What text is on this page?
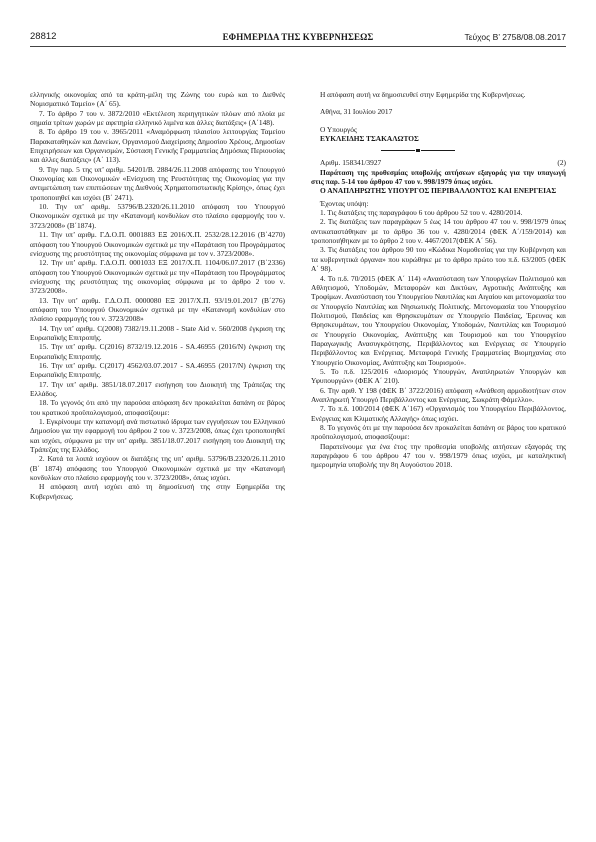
28812	ΕΦΗΜΕΡΙΔΑ ΤΗΣ ΚΥΒΕΡΝΗΣΕΩΣ	Τεύχος Β’ 2758/08.08.2017

ελληνικής οικονομίας από τα κράτη-μέλη της Ζώνης του ευρώ και το Διεθνές Νομισματικό Ταμείο» (Α΄ 65).

7. Το άρθρο 7 του ν. 3872/2010 «Εκτέλεση περιηγητικών πλόων από πλοία με σημαία τρίτων χωρών με αφετηρία ελληνικό λιμένα και άλλες διατάξεις» (Α΄148).

8. Το άρθρο 19 του ν. 3965/2011 «Αναμόρφωση πλαισίου λειτουργίας Ταμείου Παρακαταθηκών και Δανείων, Οργανισμού Διαχείρισης Δημοσίου Χρέους, Δημοσίων Επιχειρήσεων και Οργανισμών, Σύσταση Γενικής Γραμματείας Δημόσιας Περιουσίας και άλλες διατάξεις» (Α΄ 113).

9. Την παρ. 5 της υπ’ αριθμ. 54201/Β. 2884/26.11.2008 απόφασης του Υπουργού Οικονομίας και Οικονομικών «Ενίσχυση της Ρευστότητας της Οικονομίας για την αντιμετώπιση των επιπτώσεων της Διεθνούς Χρηματοπιστωτικής Κρίσης», όπως έχει τροποποιηθεί και ισχύει (Β΄ 2471).

10. Την υπ’ αριθμ. 53796/Β.2320/26.11.2010 απόφαση του Υπουργού Οικονομικών σχετικά με την «Κατανομή κονδυλίων στο πλαίσιο εφαρμογής του ν. 3723/2008» (Β΄1874).

11. Την υπ’ αριθμ. Γ.Δ.Ο.Π. 0001883 ΕΞ 2016/Χ.Π. 2532/28.12.2016 (Β΄4270) απόφαση του Υπουργού Οικονομικών σχετικά με την «Παράταση του Προγράμματος ενίσχυσης της ρευστότητας της οικονομίας σύμφωνα με τον ν. 3723/2008».

12. Την υπ’ αριθμ. Γ.Δ.Ο.Π. 0001033 ΕΞ 2017/Χ.Π. 1104/06.07.2017 (Β΄2336) απόφαση του Υπουργού Οικονομικών σχετικά με την «Παράταση του Προγράμματος ενίσχυσης της ρευστότητας της οικονομίας σύμφωνα με το άρθρο 2 του ν. 3723/2008».

13. Την υπ’ αριθμ. Γ.Δ.Ο.Π. 0000080 ΕΞ 2017/Χ.Π. 93/19.01.2017 (Β΄276) απόφαση του Υπουργού Οικονομικών σχετικά με την «Κατανομή κονδυλίων στο πλαίσιο εφαρμογής του ν. 3723/2008»

14. Την υπ’ αριθμ. C(2008) 7382/19.11.2008 - State Aid ν. 560/2008 έγκριση της Ευρωπαϊκής Επιτροπής.

15. Την υπ’ αριθμ. C(2016) 8732/19.12.2016 - SA.46955 (2016/Ν) έγκριση της Ευρωπαϊκής Επιτροπής.

16. Την υπ’ αριθμ. C(2017) 4562/03.07.2017 - SA.46955 (2017/Ν) έγκριση της Ευρωπαϊκής Επιτροπής.

17. Την υπ’ αριθμ. 3851/18.07.2017 εισήγηση του Διοικητή της Τράπεζας της Ελλάδος.

18. Το γεγονός ότι από την παρούσα απόφαση δεν προκαλείται δαπάνη σε βάρος του κρατικού προϋπολογισμού, αποφασίζουμε:

1. Εγκρίνουμε την κατανομή ανά πιστωτικό ίδρυμα των εγγυήσεων του Ελληνικού Δημοσίου για την εφαρμογή του άρθρου 2 του ν. 3723/2008, όπως έχει τροποποιηθεί και ισχύει, σύμφωνα με την υπ’ αριθμ. 3851/18.07.2017 εισήγηση του Διοικητή της Τράπεζας της Ελλάδος.

2. Κατά τα λοιπά ισχύουν οι διατάξεις της υπ’ αριθμ. 53796/Β.2320/26.11.2010 (Β΄ 1874) απόφασης του Υπουργού Οικονομικών σχετικά με την «Κατανομή κονδυλίων στο πλαίσιο εφαρμογής του ν. 3723/2008», όπως ισχύει.

Η απόφαση αυτή ισχύει από τη δημοσίευσή της στην Εφημερίδα της Κυβερνήσεως.

Η απόφαση αυτή να δημοσιευθεί στην Εφημερίδα της Κυβερνήσεως.

Αθήνα, 31 Ιουλίου 2017

Ο Υπουργός

ΕΥΚΛΕΙΔΗΣ ΤΣΑΚΑΛΩΤΟΣ

Αριθμ. 158341/3927	(2)

Παράταση της προθεσμίας υποβολής αιτήσεων εξαγοράς για την υπαγωγή στις παρ. 5-14 του άρθρου 47 του ν. 998/1979 όπως ισχύει.

Ο ΑΝΑΠΛΗΡΩΤΗΣ ΥΠΟΥΡΓΟΣ ΠΕΡΙΒΑΛΛΟΝΤΟΣ ΚΑΙ ΕΝΕΡΓΕΙΑΣ

Έχοντας υπόψη:

1. Τις διατάξεις της παραγράφου 6 του άρθρου 52 του ν. 4280/2014.

2. Τις διατάξεις των παραγράφων 5 έως 14 του άρθρου 47 του ν. 998/1979 όπως αντικαταστάθηκαν με το άρθρο 36 του ν. 4280/2014 (ΦΕΚ Α΄/159/2014) και τροποποιήθηκαν με το άρθρο 2 του ν. 4467/2017(ΦΕΚ Α΄ 56).

3. Τις διατάξεις του άρθρου 90 του «Κώδικα Νομοθεσίας για την Κυβέρνηση και τα κυβερνητικά όργανα» που κυρώθηκε με το άρθρο πρώτο του π.δ. 63/2005 (ΦΕΚ Α΄ 98).

4. Το π.δ. 70/2015 (ΦΕΚ Α΄ 114) «Ανασύσταση των Υπουργείων Πολιτισμού και Αθλητισμού, Υποδομών, Μεταφορών και Δικτύων, Αγροτικής Ανάπτυξης και Τροφίμων. Ανασύσταση του Υπουργείου Ναυτιλίας και Αιγαίου και μετονομασία του σε Υπουργείο Ναυτιλίας και Νησιωτικής Πολιτικής. Μετονομασία του Υπουργείου Πολιτισμού, Παιδείας και Θρησκευμάτων σε Υπουργείο Παιδείας, Έρευνας και Θρησκευμάτων, του Υπουργείου Οικονομίας, Υποδομών, Ναυτιλίας και Τουρισμού σε Υπουργείο Οικονομίας, Ανάπτυξης και Τουρισμού και του Υπουργείου Παραγωγικής Ανασυγκρότησης, Περιβάλλοντος και Ενέργειας σε Υπουργείο Περιβάλλοντος και Ενέργειας. Μεταφορά Γενικής Γραμματείας Βιομηχανίας στο Υπουργείο Οικονομίας, Ανάπτυξης και Τουρισμού».

5. Το π.δ. 125/2016 «Διορισμός Υπουργών, Αναπληρωτών Υπουργών και Υφυπουργών» (ΦΕΚ Α΄ 210).

6. Την αριθ. Υ 198 (ΦΕΚ Β΄ 3722/2016) απόφαση «Ανάθεση αρμοδιοτήτων στον Αναπληρωτή Υπουργό Περιβάλλοντος και Ενέργειας, Σωκράτη Φάμελλο».

7. Το π.δ. 100/2014 (ΦΕΚ Α΄167) «Οργανισμός του Υπουργείου Περιβάλλοντος, Ενέργειας και Κλιματικής Αλλαγής» όπως ισχύει.

8. Το γεγονός ότι με την παρούσα δεν προκαλείται δαπάνη σε βάρος του κρατικού προϋπολογισμού, αποφασίζουμε:

Παρατείνουμε για ένα έτος την προθεσμία υποβολής αιτήσεων εξαγοράς της παραγράφου 6 του άρθρου 47 του ν. 998/1979 όπως ισχύει, με καταληκτική ημερομηνία υποβολής την 8η Αυγούστου 2018.
